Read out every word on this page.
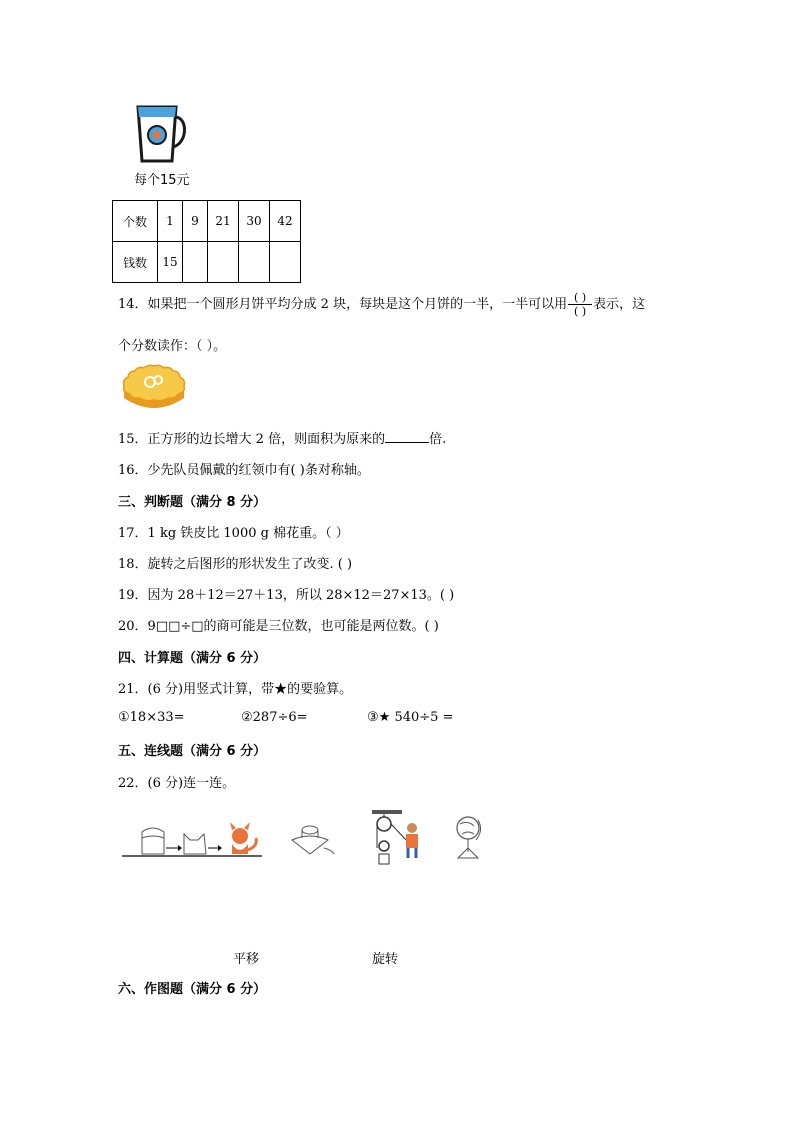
每个15元
个数	1	9	21	30	42
钱数	15				
14．如果把一个圆形月饼平均分成 2 块，每块是这个月饼的一半，一半可以用 $\frac{( )}{( )}$ 表示，这
个分数读作：（ ）。
15．正方形的边长增大 2 倍，则面积为原来的	倍.
16．少先队员佩戴的红领巾有( )条对称轴。
三、判断题（满分 8 分）
17．1 kg 铁皮比 1000 g 棉花重。（ ）
18．旋转之后图形的形状发生了改变. ( )
19．因为 28＋12＝27＋13，所以 28×12＝27×13。( )
20．9□□÷□的商可能是三位数，也可能是两位数。( )
四、计算题（满分 6 分）
21．(6 分)用竖式计算，带★的要验算。
①18×33=	②287÷6=	③★ 540÷5 =
五、连线题（满分 6 分）
22．(6 分)连一连。
平移	旋转
六、作图题（满分 6 分）
